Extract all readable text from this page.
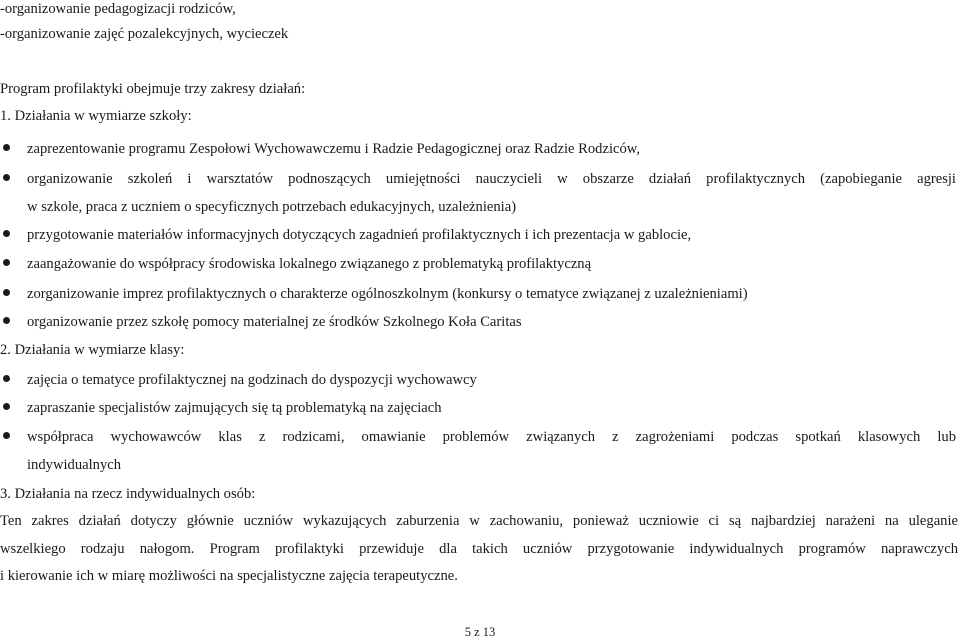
-organizowanie pedagogizacji rodziców,
-organizowanie zajęć pozalekcyjnych, wycieczek
Program profilaktyki obejmuje trzy zakresy działań:
1. Działania w wymiarze szkoły:
zaprezentowanie programu Zespołowi Wychowawczemu i Radzie Pedagogicznej oraz Radzie Rodziców,
organizowanie szkoleń i warsztatów podnoszących umiejętności nauczycieli w obszarze działań profilaktycznych (zapobieganie agresji
w szkole, praca z uczniem o specyficznych potrzebach edukacyjnych, uzależnienia)
przygotowanie materiałów informacyjnych dotyczących zagadnień profilaktycznych i ich prezentacja w gablocie,
zaangażowanie do współpracy środowiska lokalnego związanego z problematyką profilaktyczną
zorganizowanie imprez profilaktycznych o charakterze ogólnoszkolnym (konkursy o tematyce związanej z uzależnieniami)
organizowanie przez szkołę pomocy materialnej ze środków Szkolnego Koła Caritas
2. Działania w wymiarze klasy:
zajęcia o tematyce profilaktycznej na godzinach do dyspozycji wychowawcy
zapraszanie specjalistów zajmujących się tą problematyką na zajęciach
współpraca wychowawców klas z rodzicami, omawianie problemów związanych z zagrożeniami podczas spotkań klasowych lub
indywidualnych
3. Działania na rzecz indywidualnych osób:
Ten zakres działań dotyczy głównie uczniów wykazujących zaburzenia w zachowaniu, ponieważ uczniowie ci są najbardziej narażeni na uleganie
wszelkiego rodzaju nałogom. Program profilaktyki przewiduje dla takich uczniów przygotowanie indywidualnych programów naprawczych
i kierowanie ich w miarę możliwości na specjalistyczne zajęcia terapeutyczne.
5 z 13
